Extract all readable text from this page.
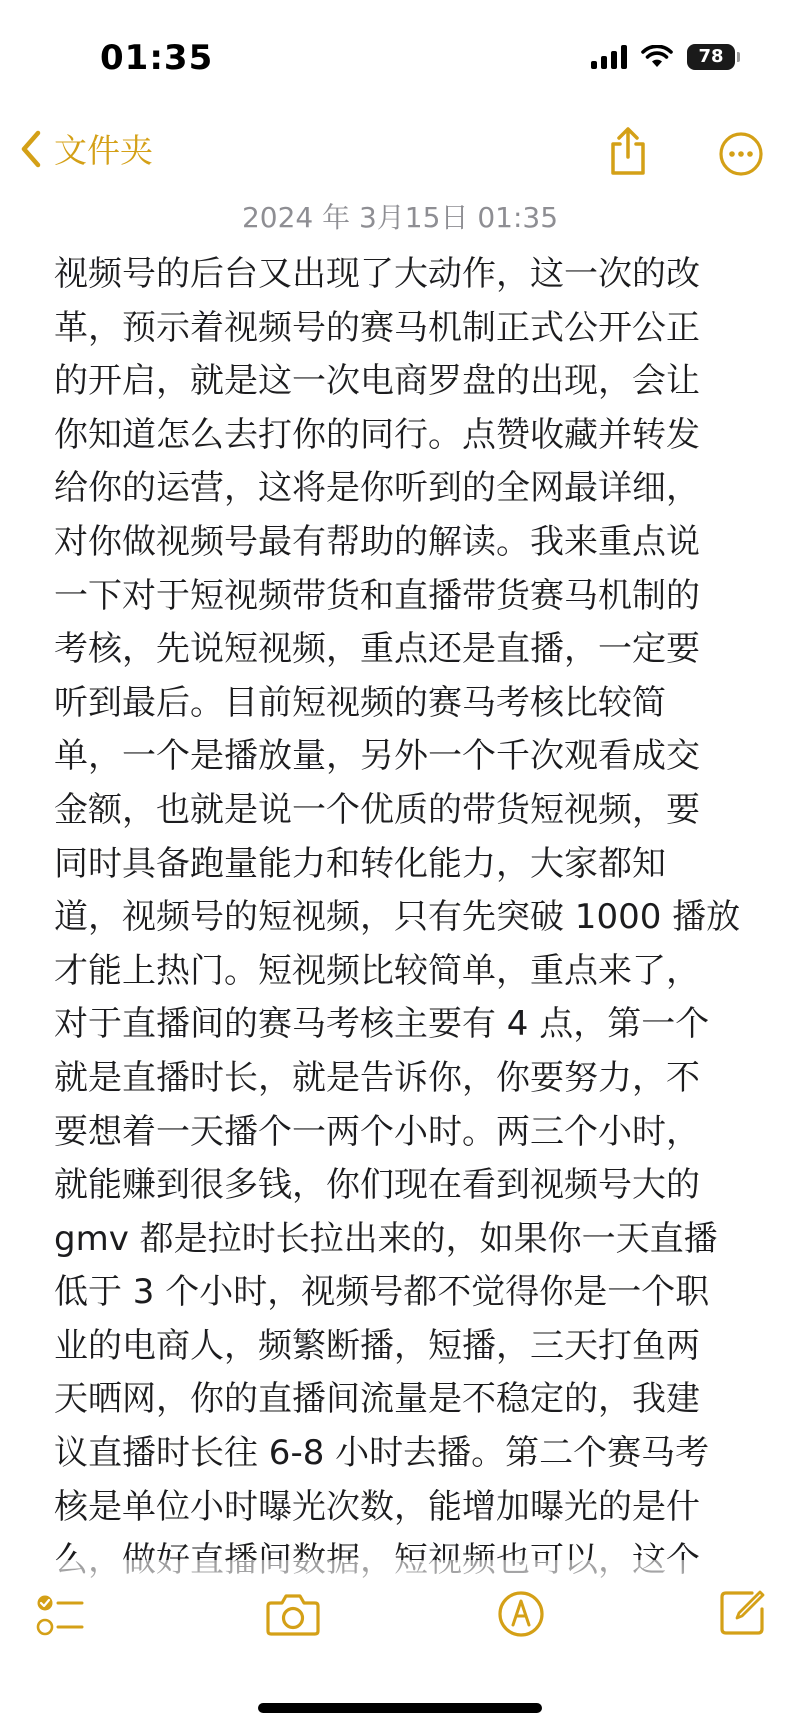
01:35	78
文件夹
2024 年 3月15日 01:35
视频号的后台又出现了大动作，这一次的改
革，预示着视频号的赛马机制正式公开公正
的开启，就是这一次电商罗盘的出现，会让
你知道怎么去打你的同行。点赞收藏并转发
给你的运营，这将是你听到的全网最详细，
对你做视频号最有帮助的解读。我来重点说
一下对于短视频带货和直播带货赛马机制的
考核，先说短视频，重点还是直播，一定要
听到最后。目前短视频的赛马考核比较简
单，一个是播放量，另外一个千次观看成交
金额，也就是说一个优质的带货短视频，要
同时具备跑量能力和转化能力，大家都知
道，视频号的短视频，只有先突破 1000 播放
才能上热门。短视频比较简单，重点来了，
对于直播间的赛马考核主要有 4 点，第一个
就是直播时长，就是告诉你，你要努力，不
要想着一天播个一两个小时。两三个小时，
就能赚到很多钱，你们现在看到视频号大的
gmv 都是拉时长拉出来的，如果你一天直播
低于 3 个小时，视频号都不觉得你是一个职
业的电商人，频繁断播，短播，三天打鱼两
天晒网，你的直播间流量是不稳定的，我建
议直播时长往 6-8 小时去播。第二个赛马考
核是单位小时曝光次数，能增加曝光的是什
